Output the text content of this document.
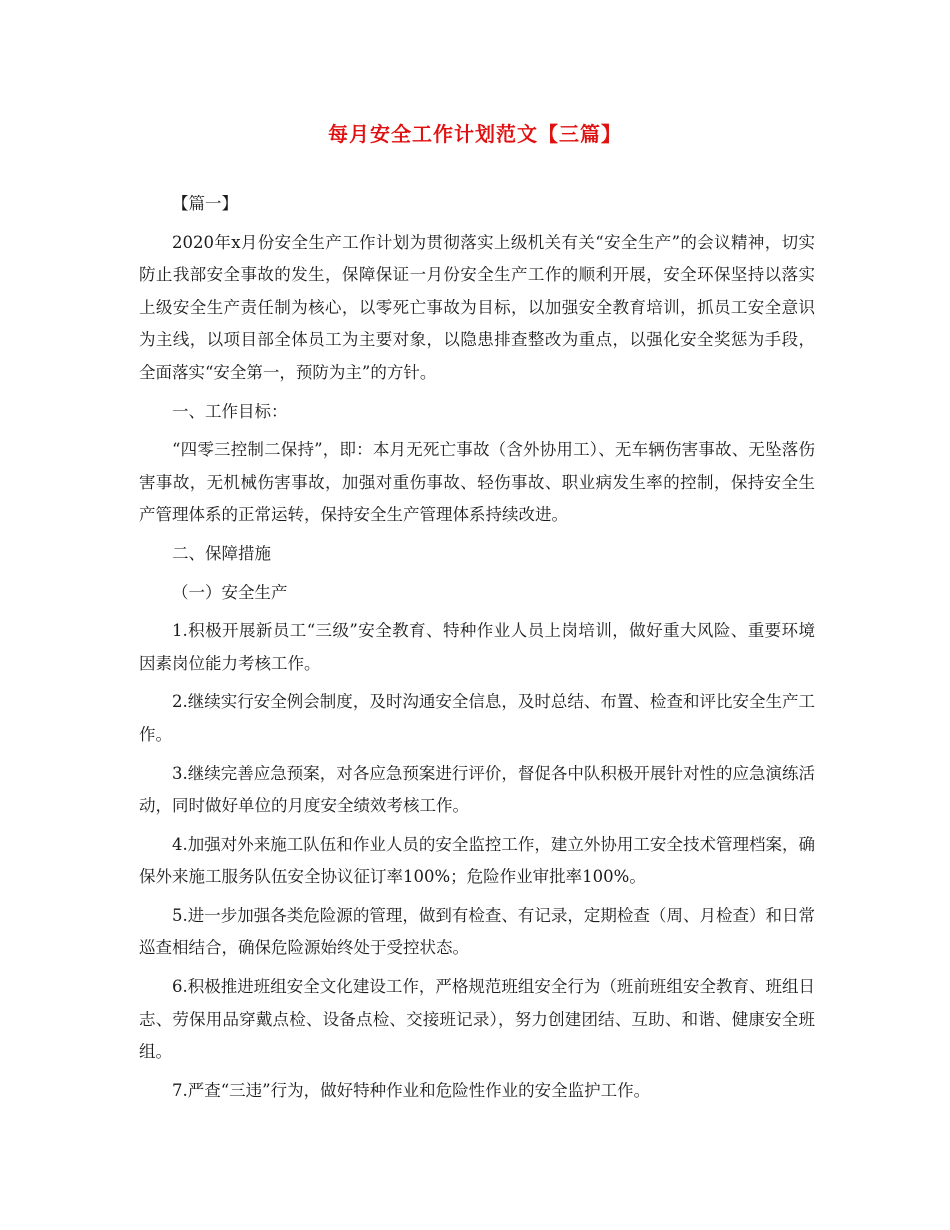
每月安全工作计划范文【三篇】

【篇一】

2020年x月份安全生产工作计划为贯彻落实上级机关有关“安全生产”的会议精神，切实防止我部安全事故的发生，保障保证一月份安全生产工作的顺利开展，安全环保坚持以落实上级安全生产责任制为核心，以零死亡事故为目标，以加强安全教育培训，抓员工安全意识为主线，以项目部全体员工为主要对象，以隐患排查整改为重点，以强化安全奖惩为手段，全面落实“安全第一，预防为主”的方针。

一、工作目标：

“四零三控制二保持”，即：本月无死亡事故（含外协用工）、无车辆伤害事故、无坠落伤害事故，无机械伤害事故，加强对重伤事故、轻伤事故、职业病发生率的控制，保持安全生产管理体系的正常运转，保持安全生产管理体系持续改进。

二、保障措施

（一）安全生产

1.积极开展新员工“三级”安全教育、特种作业人员上岗培训，做好重大风险、重要环境因素岗位能力考核工作。

2.继续实行安全例会制度，及时沟通安全信息，及时总结、布置、检查和评比安全生产工作。

3.继续完善应急预案，对各应急预案进行评价，督促各中队积极开展针对性的应急演练活动，同时做好单位的月度安全绩效考核工作。

4.加强对外来施工队伍和作业人员的安全监控工作，建立外协用工安全技术管理档案，确保外来施工服务队伍安全协议征订率100%；危险作业审批率100%。

5.进一步加强各类危险源的管理，做到有检查、有记录，定期检查（周、月检查）和日常巡查相结合，确保危险源始终处于受控状态。

6.积极推进班组安全文化建设工作，严格规范班组安全行为（班前班组安全教育、班组日志、劳保用品穿戴点检、设备点检、交接班记录），努力创建团结、互助、和谐、健康安全班组。

7.严查“三违”行为，做好特种作业和危险性作业的安全监护工作。
